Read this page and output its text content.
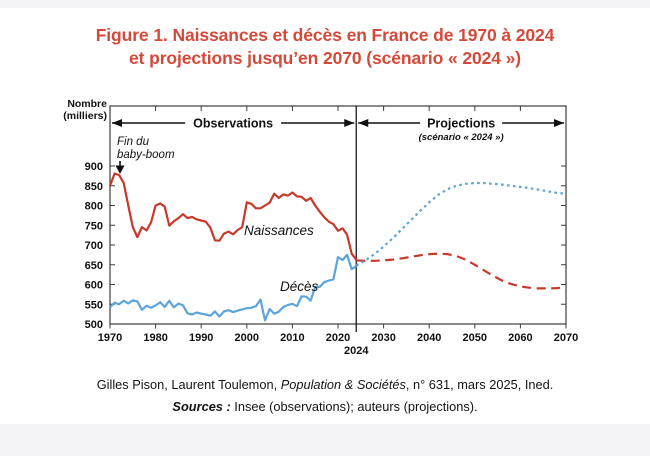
Figure 1. Naissances et décès en France de 1970 à 2024
et projections jusqu’en 2070 (scénario « 2024 »)
500
550
600
650
700
750
800
850
900
1970 1980 1990 2000 2010 2020 2030 2040 2050 2060 2070
2024
Observations	Projections
(scénario « 2024 »)
Fin du
baby-boom
Naissances
Décès
Nombre
(milliers)
Gilles Pison, Laurent Toulemon, Population & Sociétés, n° 631, mars 2025, Ined.
Sources : Insee (observations); auteurs (projections).
